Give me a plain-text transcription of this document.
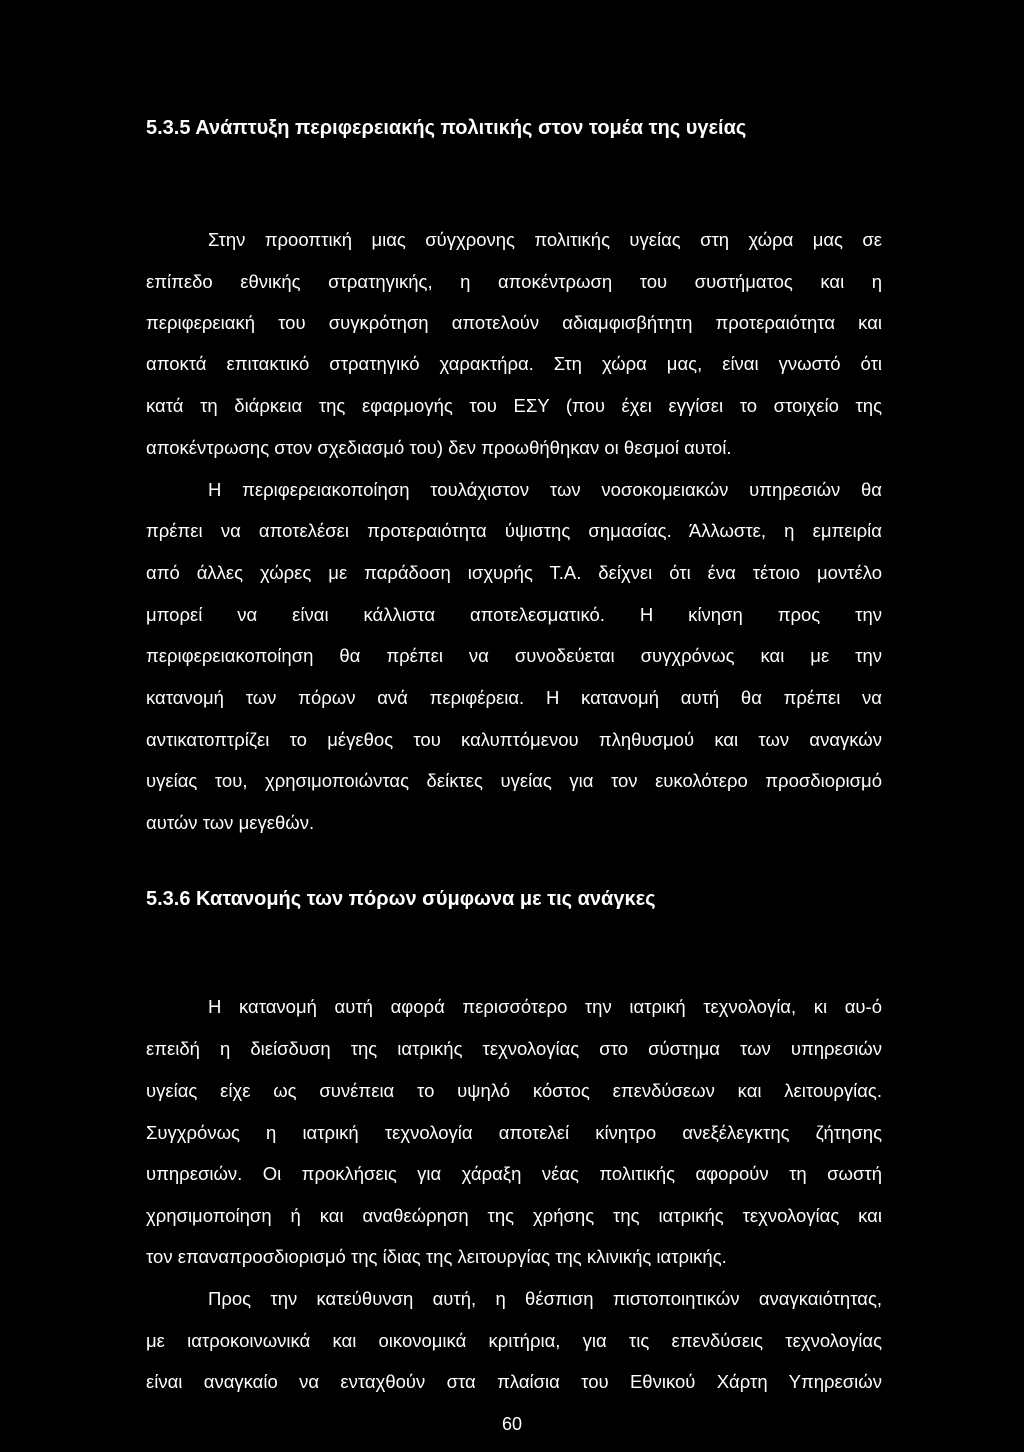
5.3.5 Ανάπτυξη περιφερειακής πολιτικής στον τομέα της υγείας
Στην προοπτική μιας σύγχρονης πολιτικής υγείας στη χώρα μας σε
επίπεδο εθνικής στρατηγικής, η αποκέντρωση του συστήματος και η
περιφερειακή του συγκρότηση αποτελούν αδιαμφισβήτητη προτεραιότητα και
αποκτά επιτακτικό στρατηγικό χαρακτήρα. Στη χώρα μας, είναι γνωστό ότι
κατά τη διάρκεια της εφαρμογής του ΕΣΥ (που έχει εγγίσει το στοιχείο της
αποκέντρωσης στον σχεδιασμό του) δεν προωθήθηκαν οι θεσμοί αυτοί.
Η περιφερειακοποίηση τουλάχιστον των νοσοκομειακών υπηρεσιών θα
πρέπει να αποτελέσει προτεραιότητα ύψιστης σημασίας. Άλλωστε, η εμπειρία
από άλλες χώρες με παράδοση ισχυρής Τ.Α. δείχνει ότι ένα τέτοιο μοντέλο
μπορεί να είναι κάλλιστα αποτελεσματικό. Η κίνηση προς την
περιφερειακοποίηση θα πρέπει να συνοδεύεται συγχρόνως και με την
κατανομή των πόρων ανά περιφέρεια. Η κατανομή αυτή θα πρέπει να
αντικατοπτρίζει το μέγεθος του καλυπτόμενου πληθυσμού και των αναγκών
υγείας του, χρησιμοποιώντας δείκτες υγείας για τον ευκολότερο προσδιορισμό
αυτών των μεγεθών.
5.3.6 Κατανομής των πόρων σύμφωνα με τις ανάγκες
Η κατανομή αυτή αφορά περισσότερο την ιατρική τεχνολογία, κι αυ-ό
επειδή η διείσδυση της ιατρικής τεχνολογίας στο σύστημα των υπηρεσιών
υγείας είχε ως συνέπεια το υψηλό κόστος επενδύσεων και λειτουργίας.
Συγχρόνως η ιατρική τεχνολογία αποτελεί κίνητρο ανεξέλεγκτης ζήτησης
υπηρεσιών. Οι προκλήσεις για χάραξη νέας πολιτικής αφορούν τη σωστή
χρησιμοποίηση ή και αναθεώρηση της χρήσης της ιατρικής τεχνολογίας και
τον επαναπροσδιορισμό της ίδιας της λειτουργίας της κλινικής ιατρικής.
Προς την κατεύθυνση αυτή, η θέσπιση πιστοποιητικών αναγκαιότητας,
με ιατροκοινωνικά και οικονομικά κριτήρια, για τις επενδύσεις τεχνολογίας
είναι αναγκαίο να ενταχθούν στα πλαίσια του Εθνικού Χάρτη Υπηρεσιών
60
